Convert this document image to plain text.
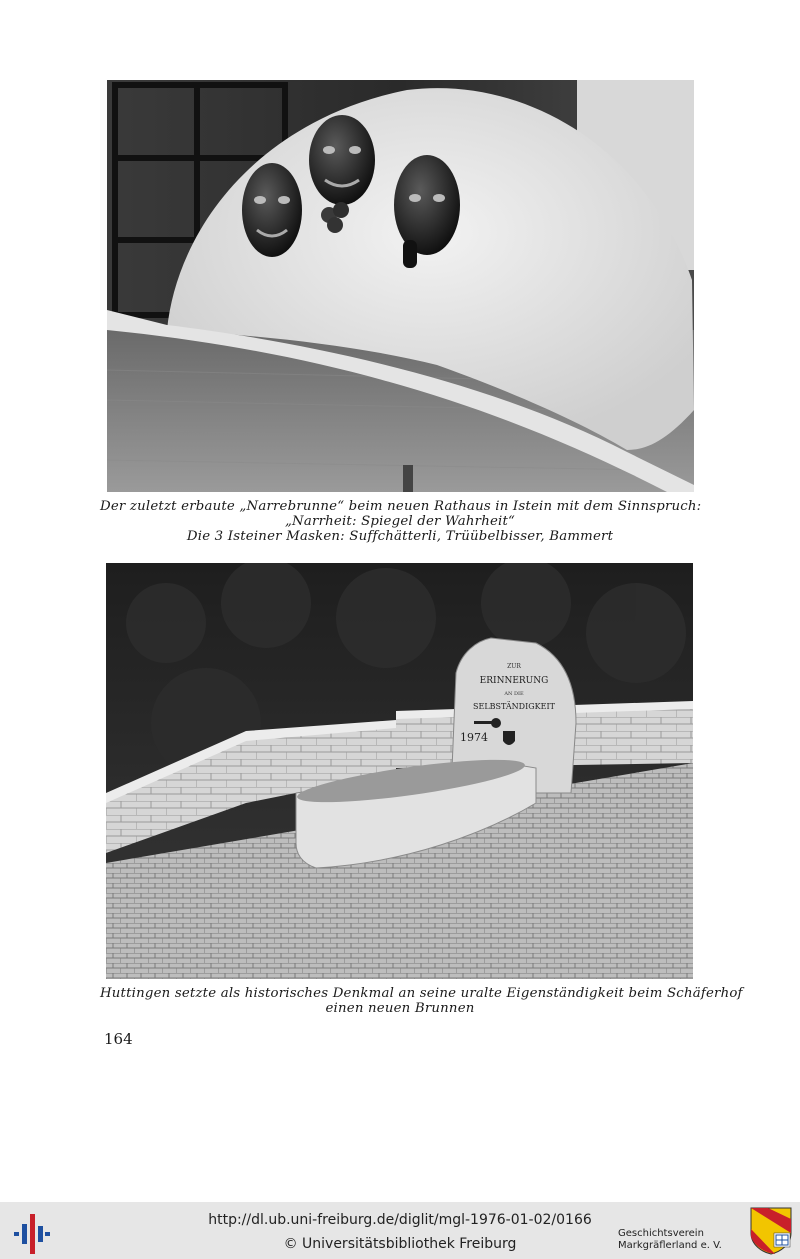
Der zuletzt erbaute „Narrebrunne“ beim neuen Rathaus in Istein mit dem Sinnspruch:
„Narrheit: Spiegel der Wahrheit“
Die 3 Isteiner Masken: Suffchätterli, Trüübelbisser, Bammert
ZUR
ERINNERUNG
AN DIE
SELBSTÄNDIGKEIT
1974
Huttingen setzte als historisches Denkmal an seine uralte Eigenständigkeit beim Schäferhof
einen neuen Brunnen
164
http://dl.ub.uni-freiburg.de/diglit/mgl-1976-01-02/0166
© Universitätsbibliothek Freiburg
Geschichtsverein
Markgräflerland e. V.
